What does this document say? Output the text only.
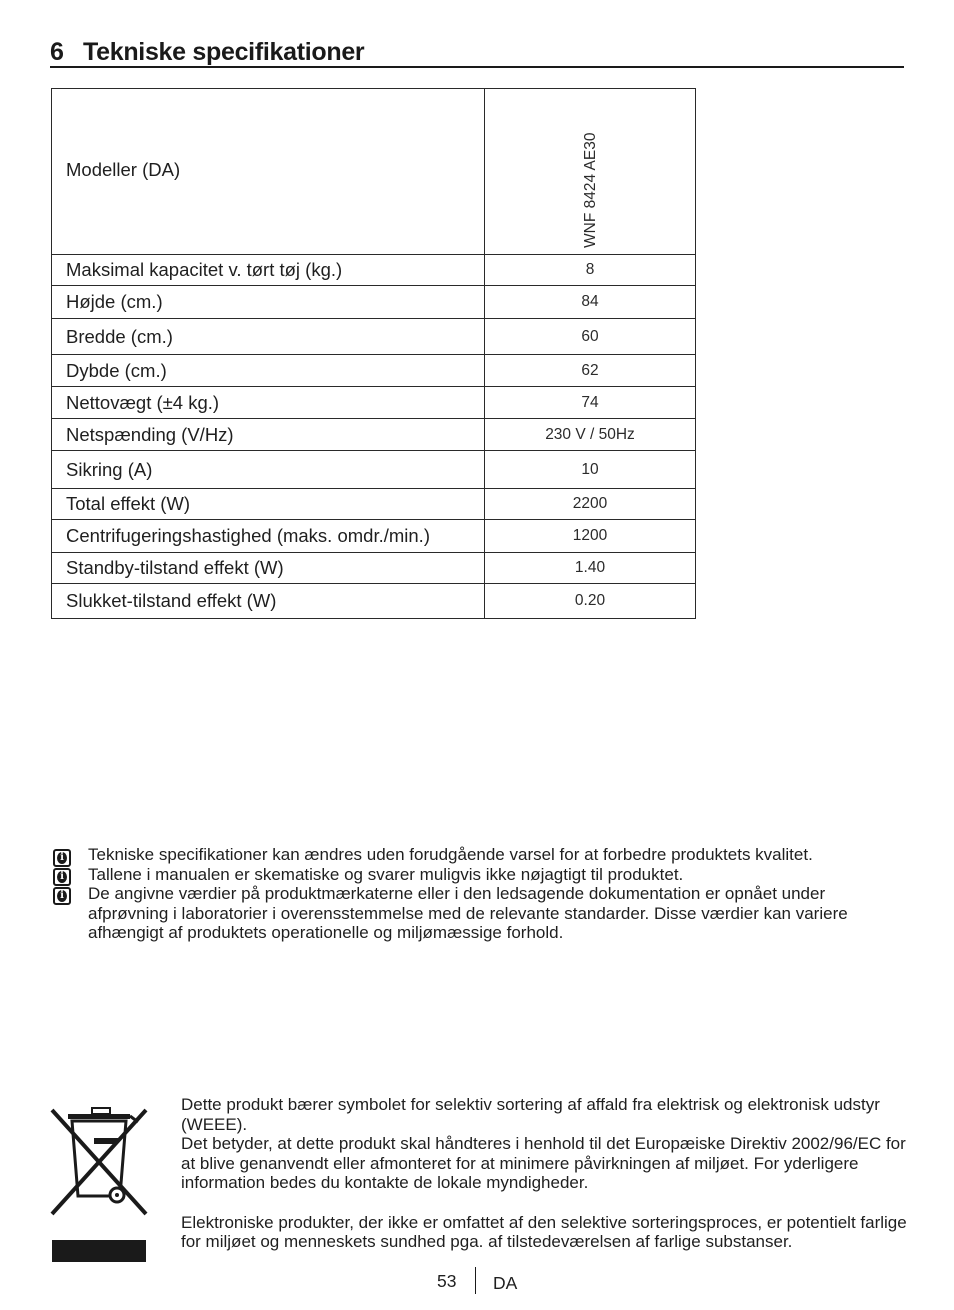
6 Tekniske specifikationer
Modeller (DA)	WNF 8424 AE30

Maksimal kapacitet v. tørt tøj (kg.)	8
Højde (cm.)	84
Bredde (cm.)	60
Dybde (cm.)	62
Nettovægt (±4 kg.)	74
Netspænding (V/Hz)	230 V / 50Hz
Sikring (A)	10
Total effekt (W)	2200
Centrifugeringshastighed (maks. omdr./min.)	1200
Standby-tilstand effekt (W)	1.40
Slukket-tilstand effekt (W)	0.20
i Tekniske specifikationer kan ændres uden forudgående varsel for at forbedre produktets kvalitet.
i Tallene i manualen er skematiske og svarer muligvis ikke nøjagtigt til produktet.
i De angivne værdier på produktmærkaterne eller i den ledsagende dokumentation er opnået under afprøvning i laboratorier i overensstemmelse med de relevante standarder. Disse værdier kan variere afhængigt af produktets operationelle og miljømæssige forhold.

Dette produkt bærer symbolet for selektiv sortering af affald fra elektrisk og elektronisk udstyr (WEEE).

Det betyder, at dette produkt skal håndteres i henhold til det Europæiske Direktiv 2002/96/EC for at blive genanvendt eller afmonteret for at minimere påvirkningen af miljøet. For yderligere information bedes du kontakte de lokale myndigheder.

Elektroniske produkter, der ikke er omfattet af den selektive sorteringsproces, er potentielt farlige for miljøet og menneskets sundhed pga. af tilstedeværelsen af farlige substanser.

53 DA
